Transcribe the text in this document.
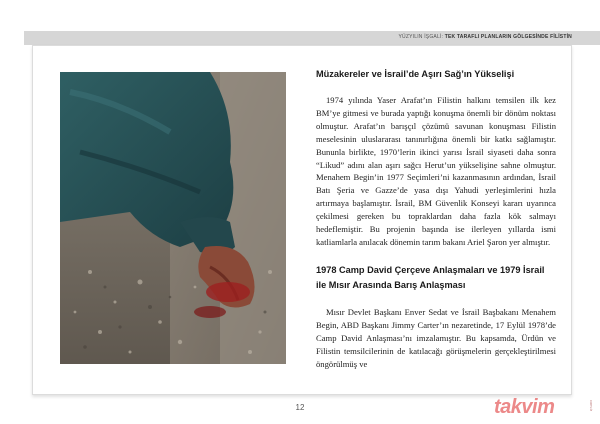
YÜZYILIN İŞGALİ: TEK TARAFLI PLANLARIN GÖLGESİNDE FİLİSTİN
Müzakereler ve İsrail’de Aşırı Sağ’ın Yükselişi

1974 yılında Yaser Arafat’ın Filistin halkını temsilen ilk kez BM’ye gitmesi ve burada yaptığı konuşma önemli bir dönüm noktası olmuştur. Arafat’ın barışçıl çözümü savunan konuşması Filistin meselesinin uluslararası tanınırlığına önemli bir katkı sağlamıştır. Bununla birlikte, 1970’lerin ikinci yarısı İsrail siyaseti daha sonra “Likud” adını alan aşırı sağcı Herut’un yükselişine sahne olmuştur. Menahem Begin’in 1977 Seçimleri’ni kazanmasının ardından, İsrail Batı Şeria ve Gazze’de yasa dışı Yahudi yerleşimlerini hızla artırmaya başlamıştır. İsrail, BM Güvenlik Konseyi kararı uyarınca çekilmesi gereken bu topraklardan daha fazla kök salmayı hedeflemiştir. Bu projenin başında ise ilerleyen yıllarda ismi katliamlarla anılacak dönemin tarım bakanı Ariel Şaron yer almıştır.

1978 Camp David Çerçeve Anlaşmaları ve 1979 İsrail ile Mısır Arasında Barış Anlaşması

Mısır Devlet Başkanı Enver Sedat ve İsrail Başbakanı Menahem Begin, ABD Başkanı Jimmy Carter’ın nezaretinde, 17 Eylül 1978’de Camp David Anlaşması’nı imzalamıştır. Bu kapsamda, Ürdün ve Filistin temsilcilerinin de katılacağı görüşmelerin gerçekleştirilmesi öngörülmüş ve

12	takvim	com.tr
